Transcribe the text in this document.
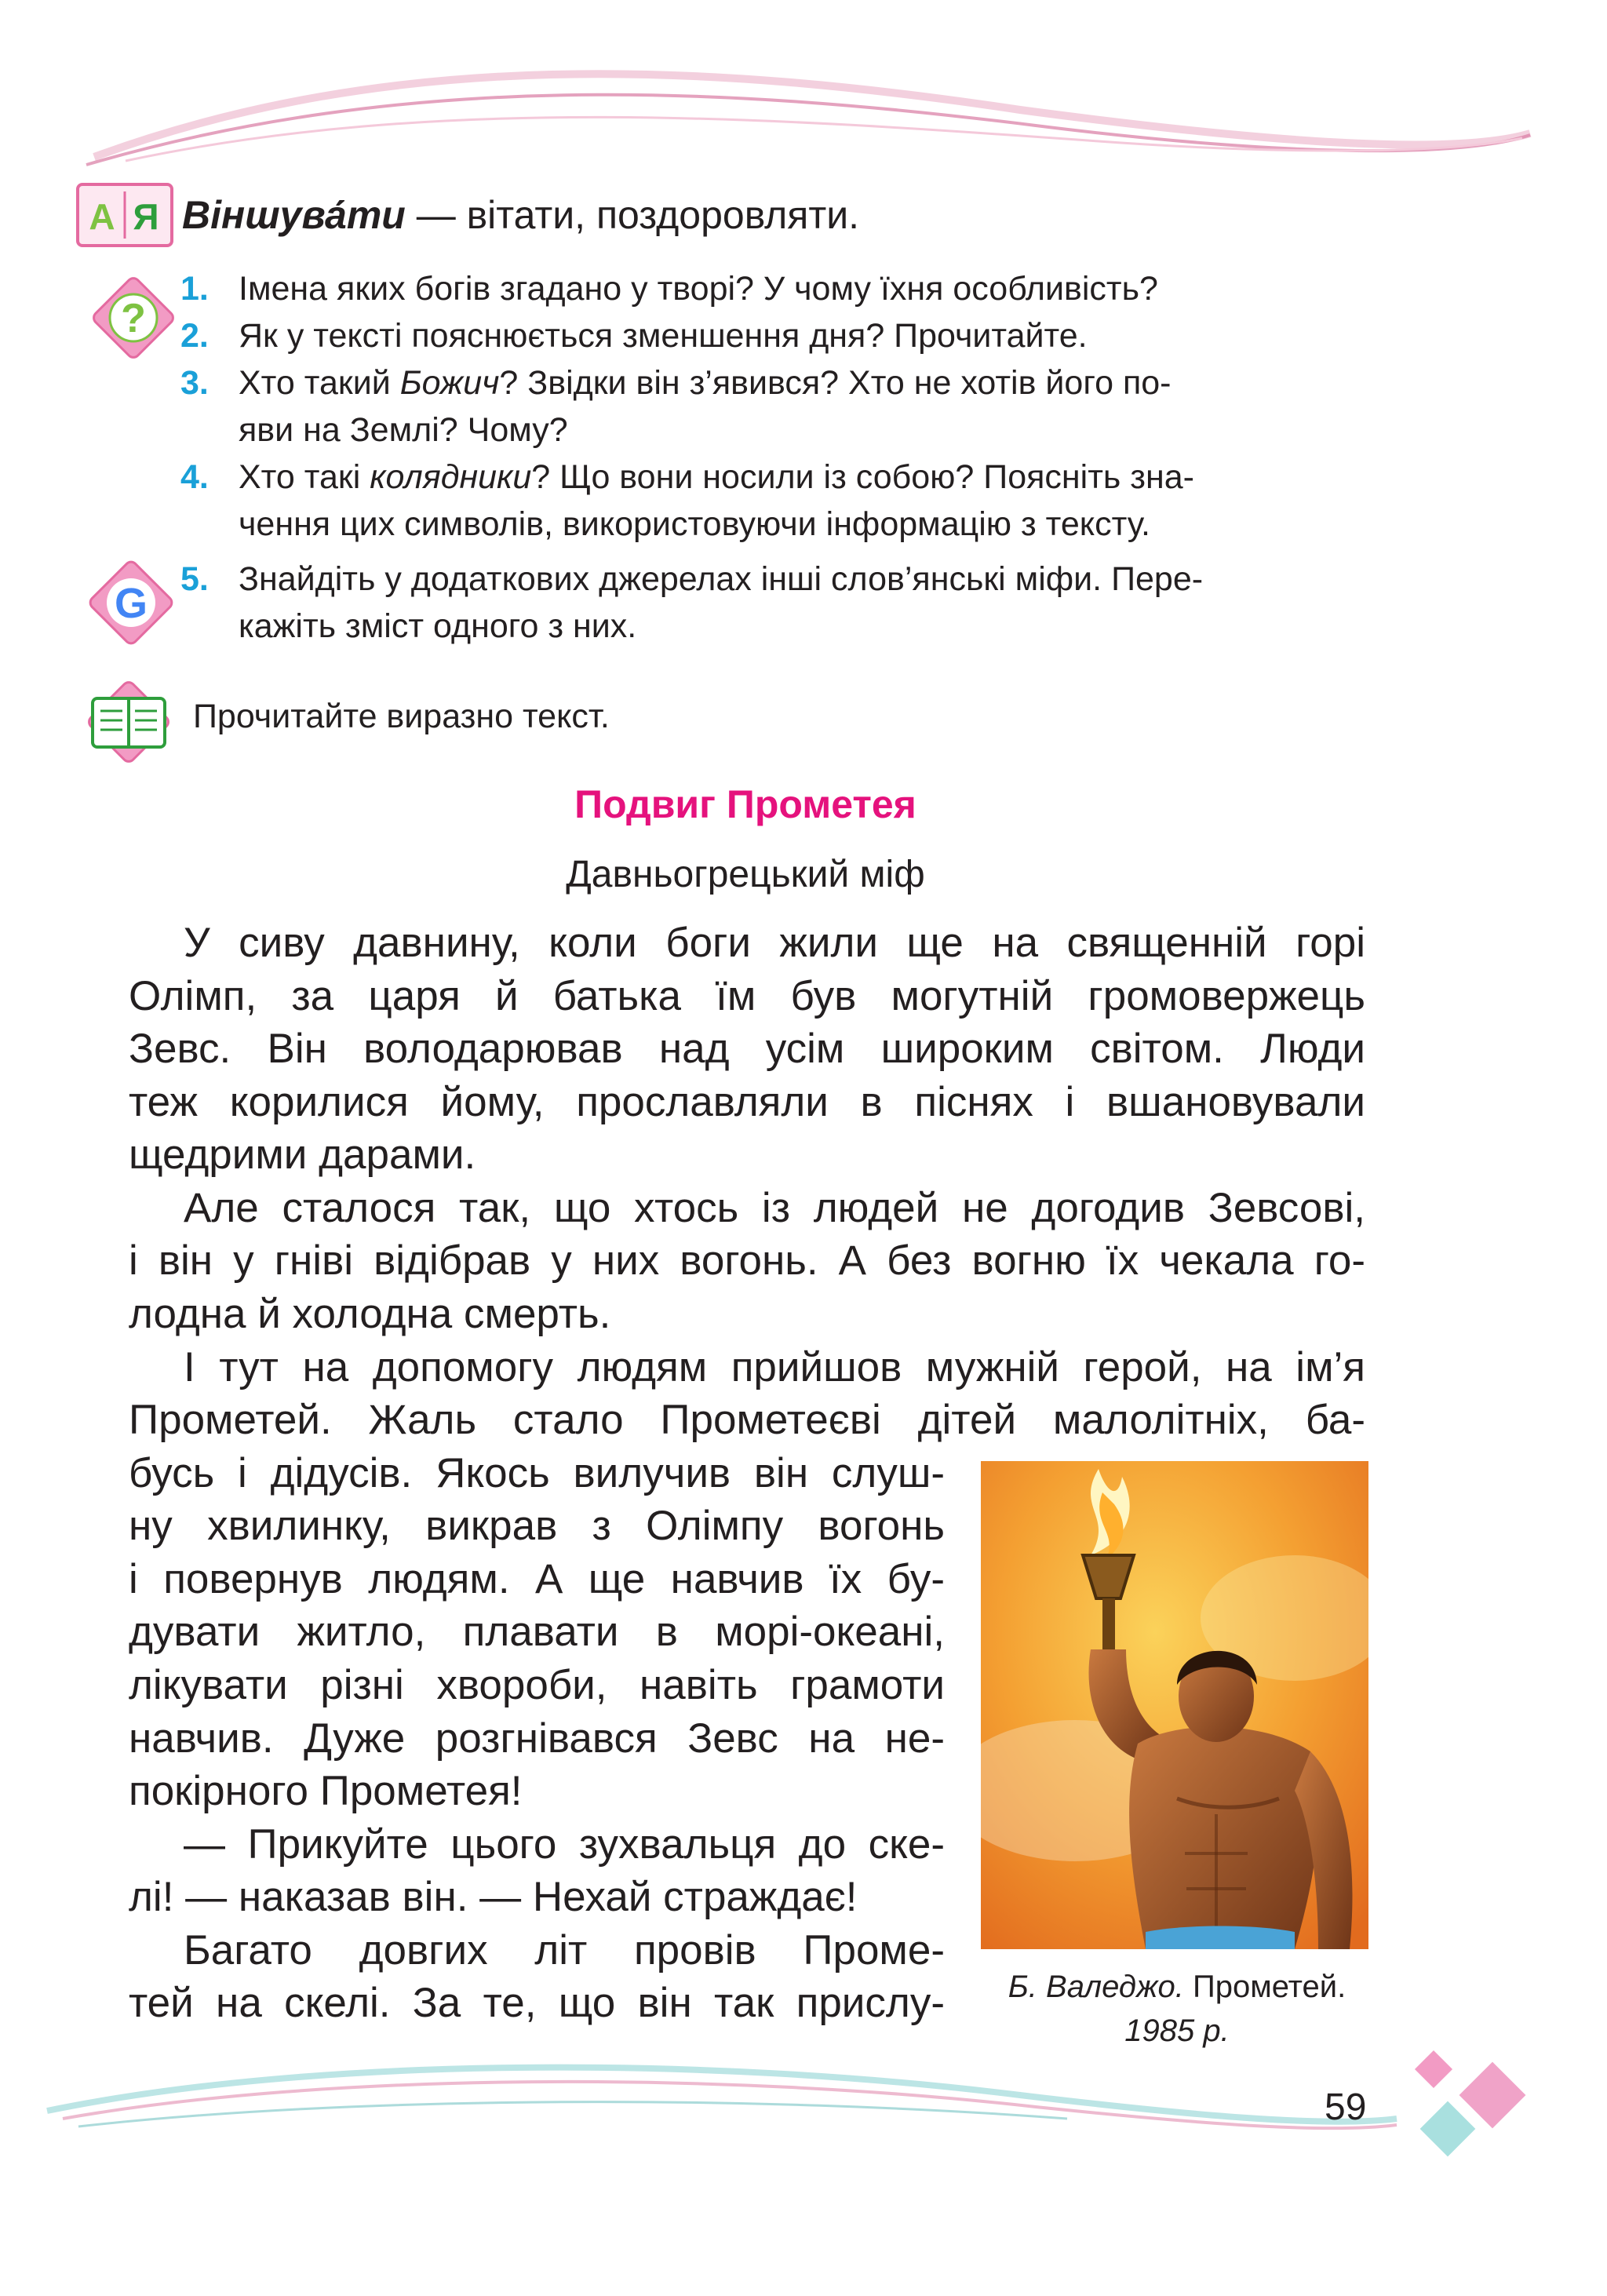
А Я Віншува́ти — вітати, поздоровляти.
?
1. Імена яких богів згадано у творі? У чому їхня особливість?
2. Як у тексті пояснюється зменшення дня? Прочитайте.
3. Хто такий Божич? Звідки він з’явився? Хто не хотів його по-
яви на Землі? Чому?
4. Хто такі колядники? Що вони носили із собою? Поясніть зна-
чення цих символів, використовуючи інформацію з тексту.
G
5. Знайдіть у додаткових джерелах інші слов’янські міфи. Пере-
кажіть зміст одного з них.
Прочитайте виразно текст.
Подвиг Прометея
Давньогрецький міф
У сиву давнину, коли боги жили ще на священній горі
Олімп, за царя й батька їм був могутній громовержець
Зевс. Він володарював над усім широким світом. Люди
теж корилися йому, прославляли в піснях і вшановували
щедрими дарами.
Але сталося так, що хтось із людей не догодив Зевсові,
і він у гніві відібрав у них вогонь. А без вогню їх чекала го-
лодна й холодна смерть.
І тут на допомогу людям прийшов мужній герой, на ім’я
Прометей. Жаль стало Прометеєві дітей малолітніх, ба-
бусь і дідусів. Якось вилучив він слуш-
ну хвилинку, викрав з Олімпу вогонь
і повернув людям. А ще навчив їх бу-
дувати житло, плавати в морі-океані,
лікувати різні хвороби, навіть грамоти
навчив. Дуже розгнівався Зевс на не-
покірного Прометея!
— Прикуйте цього зухвальця до ске-
лі! — наказав він. — Нехай страждає!
Багато довгих літ провів Проме-
тей на скелі. За те, що він так прислу-	Б. Валеджо. Прометей.
1985 р.
59
